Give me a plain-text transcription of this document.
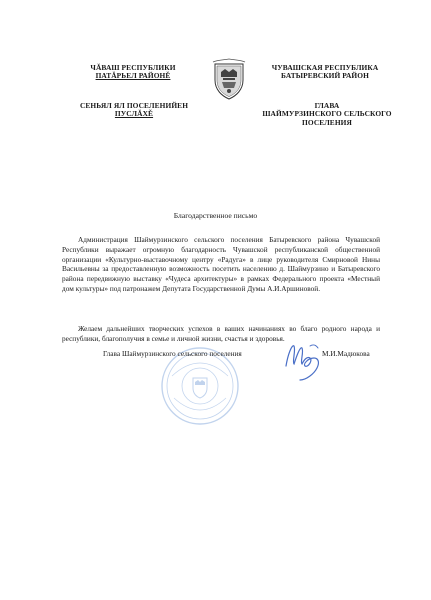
ЧĂВАШ РЕСПУБЛИКИ
ПАТĂРЬЕЛ РАЙОНĚ
ЧУВАШСКАЯ РЕСПУБЛИКА
БАТЫРЕВСКИЙ РАЙОН
СЕНЬЯЛ ЯЛ ПОСЕЛЕНИЙЕН
ПУСЛĂХĚ
ГЛАВА
ШАЙМУРЗИНСКОГО СЕЛЬСКОГО
ПОСЕЛЕНИЯ
Благодарственное письмо

Администрация Шаймурзинского сельского поселения Батыревского района Чувашской Республики выражает огромную благодарность Чувашской республиканской общественной организации «Культурно-выставочному центру «Радуга» в лице руководителя Смирновой Нины Васильевны за предоставленную возможность посетить населению д. Шаймурзино и Батыревского района передвижную выставку «Чудеса архитектуры» в рамках Федерального проекта «Местный дом культуры» под патронажем Депутата Государственной Думы А.И.Аршиновой.

Желаем дальнейших творческих успехов в ваших начинаниях во благо родного народа и республики, благополучия в семье и личной жизни, счастья и здоровья.

Глава Шаймурзинского сельского поселения	М.И.Мадюкова
